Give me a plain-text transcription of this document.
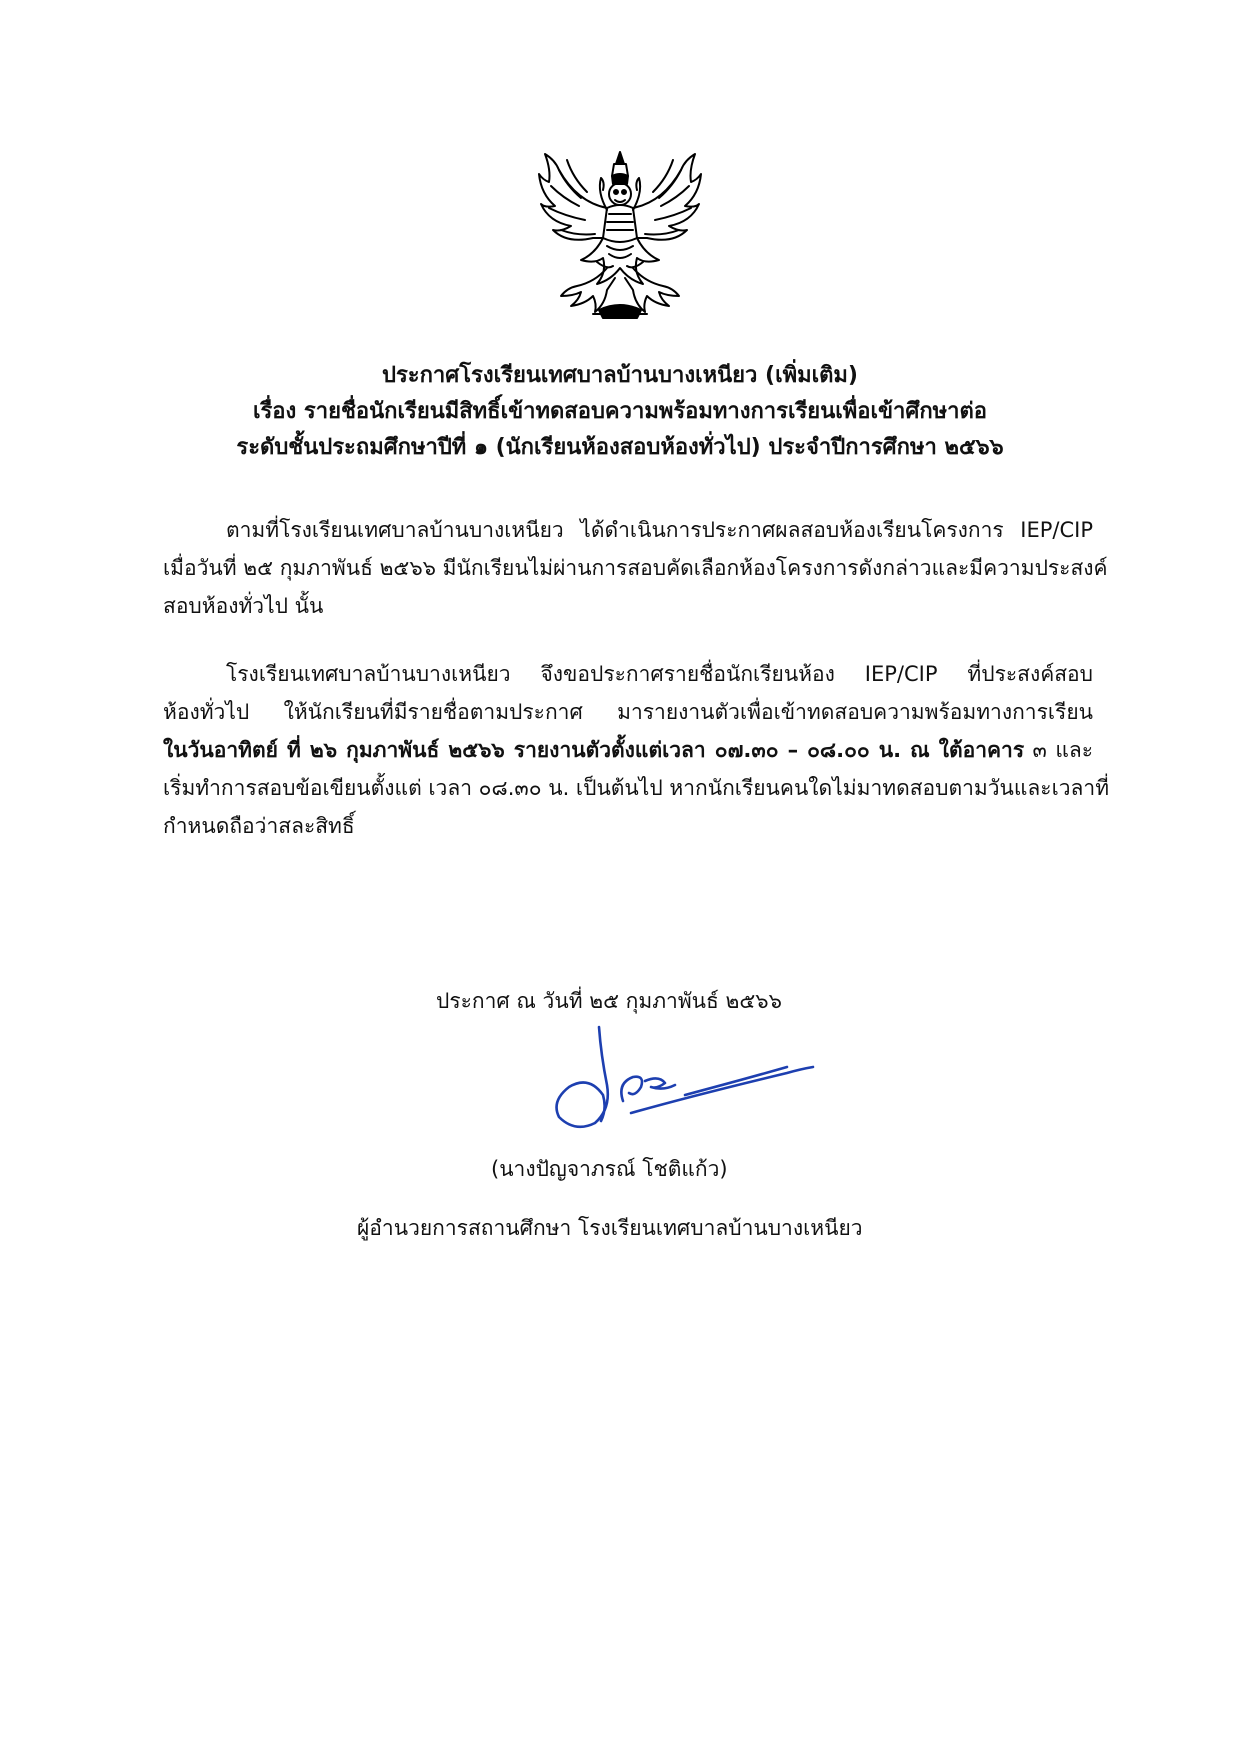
ประกาศโรงเรียนเทศบาลบ้านบางเหนียว (เพิ่มเติม)
เรื่อง รายชื่อนักเรียนมีสิทธิ์เข้าทดสอบความพร้อมทางการเรียนเพื่อเข้าศึกษาต่อ
ระดับชั้นประถมศึกษาปีที่ ๑ (นักเรียนห้องสอบห้องทั่วไป) ประจำปีการศึกษา ๒๕๖๖
ตามที่โรงเรียนเทศบาลบ้านบางเหนียว ได้ดำเนินการประกาศผลสอบห้องเรียนโครงการ IEP/CIP
เมื่อวันที่ ๒๕ กุมภาพันธ์ ๒๕๖๖ มีนักเรียนไม่ผ่านการสอบคัดเลือกห้องโครงการดังกล่าวและมีความประสงค์
สอบห้องทั่วไป นั้น
โรงเรียนเทศบาลบ้านบางเหนียว จึงขอประกาศรายชื่อนักเรียนห้อง IEP/CIP ที่ประสงค์สอบ
ห้องทั่วไป ให้นักเรียนที่มีรายชื่อตามประกาศ มารายงานตัวเพื่อเข้าทดสอบความพร้อมทางการเรียน
ในวันอาทิตย์ ที่ ๒๖ กุมภาพันธ์ ๒๕๖๖ รายงานตัวตั้งแต่เวลา ๐๗.๓๐ – ๐๘.๐๐ น. ณ ใต้อาคาร ๓ และ
เริ่มทำการสอบข้อเขียนตั้งแต่ เวลา ๐๘.๓๐ น. เป็นต้นไป หากนักเรียนคนใดไม่มาทดสอบตามวันและเวลาที่
กำหนดถือว่าสละสิทธิ์
ประกาศ ณ วันที่ ๒๕ กุมภาพันธ์ ๒๕๖๖
(นางปัญจาภรณ์ โชติแก้ว)
ผู้อำนวยการสถานศึกษา โรงเรียนเทศบาลบ้านบางเหนียว
